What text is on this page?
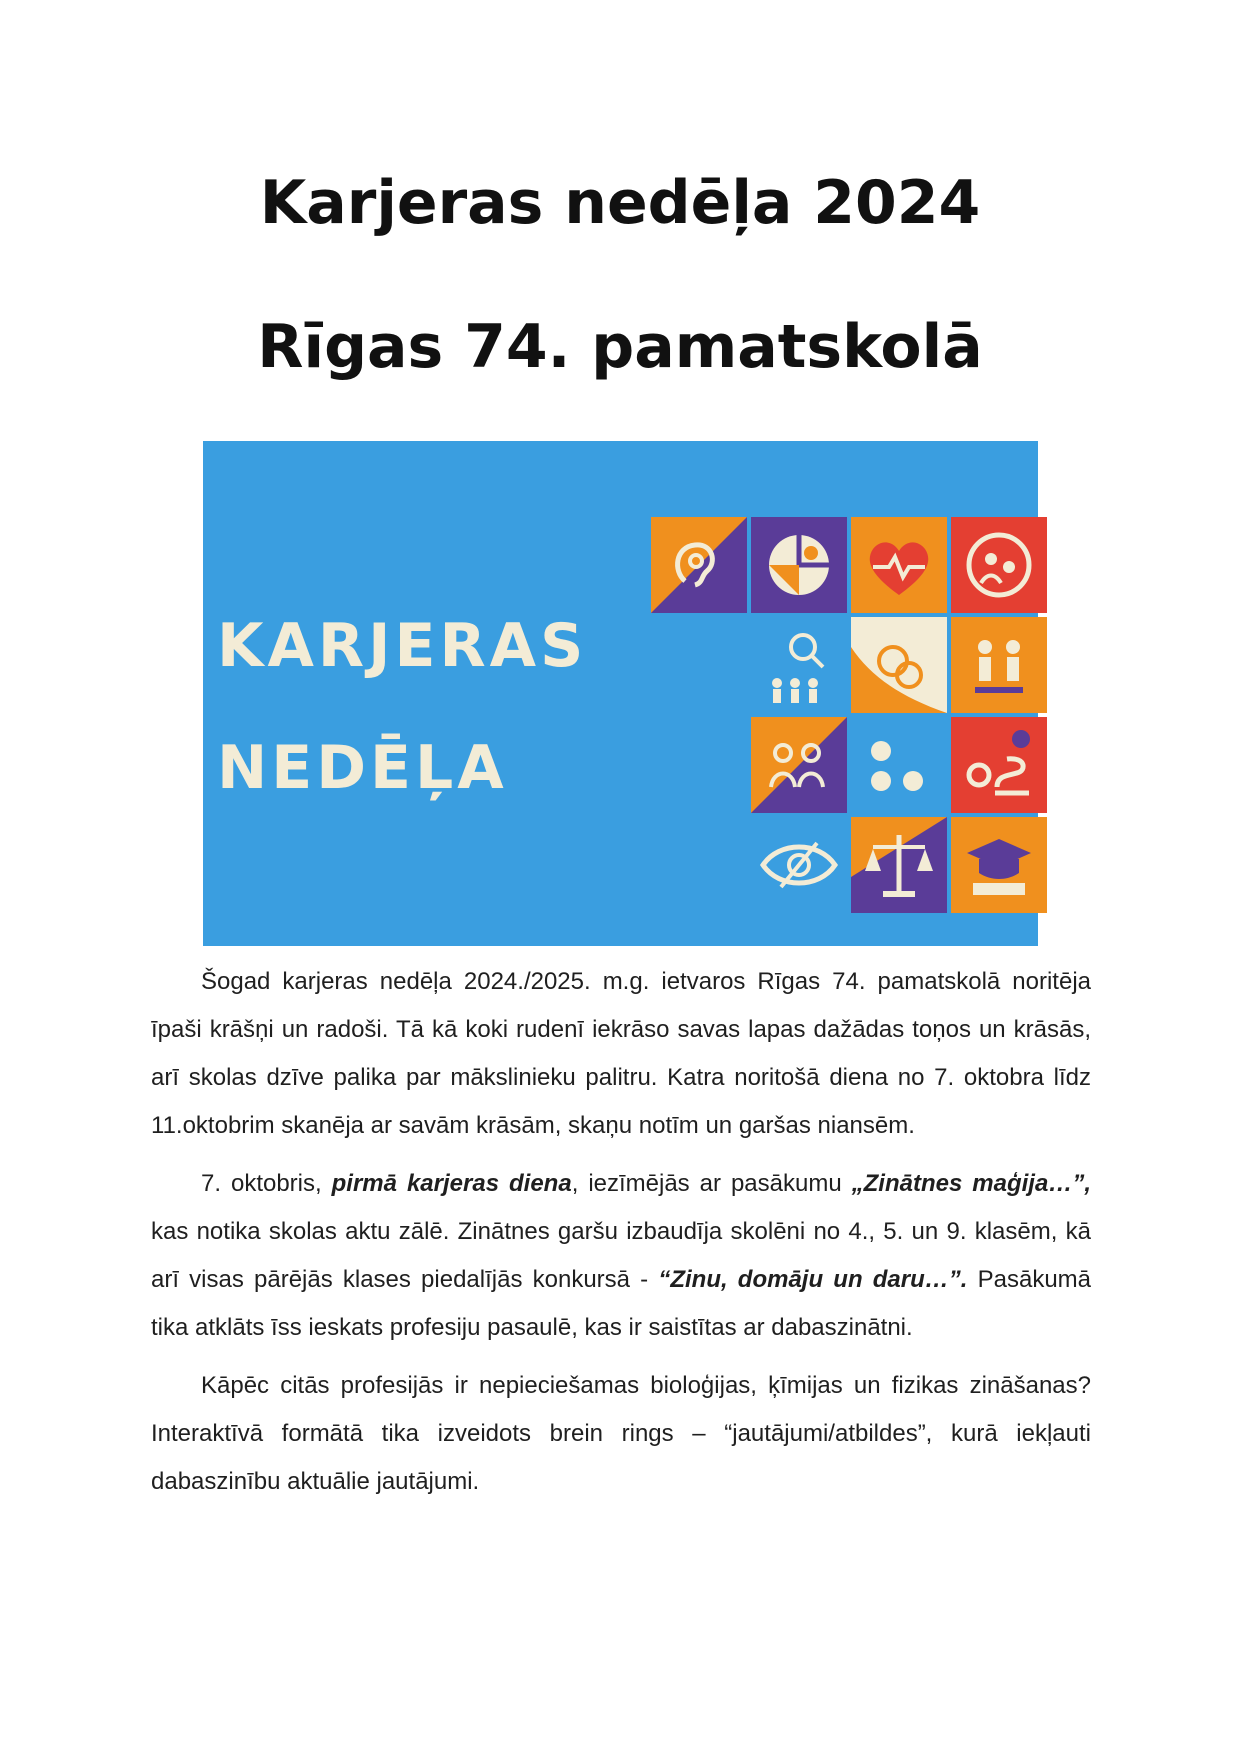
Karjeras nedēļa 2024
Rīgas 74. pamatskolā
KARJERAS
NEDĒĻA

Šogad karjeras nedēļa 2024./2025. m.g. ietvaros Rīgas 74. pamatskolā noritēja īpaši krāšņi un radoši. Tā kā koki rudenī iekrāso savas lapas dažādas toņos un krāsās, arī skolas dzīve palika par mākslinieku palitru. Katra noritošā diena no 7. oktobra līdz 11.oktobrim skanēja ar savām krāsām, skaņu notīm un garšas niansēm.

7. oktobris, pirmā karjeras diena, iezīmējās ar pasākumu „Zinātnes maģija…”, kas notika skolas aktu zālē. Zinātnes garšu izbaudīja skolēni no 4., 5. un 9. klasēm, kā arī visas pārējās klases piedalījās konkursā - “Zinu, domāju un daru…”. Pasākumā tika atklāts īss ieskats profesiju pasaulē, kas ir saistītas ar dabaszinātni.

Kāpēc citās profesijās ir nepieciešamas bioloģijas, ķīmijas un fizikas zināšanas? Interaktīvā formātā tika izveidots brein rings – “jautājumi/atbildes”, kurā iekļauti dabaszinību aktuālie jautājumi.
